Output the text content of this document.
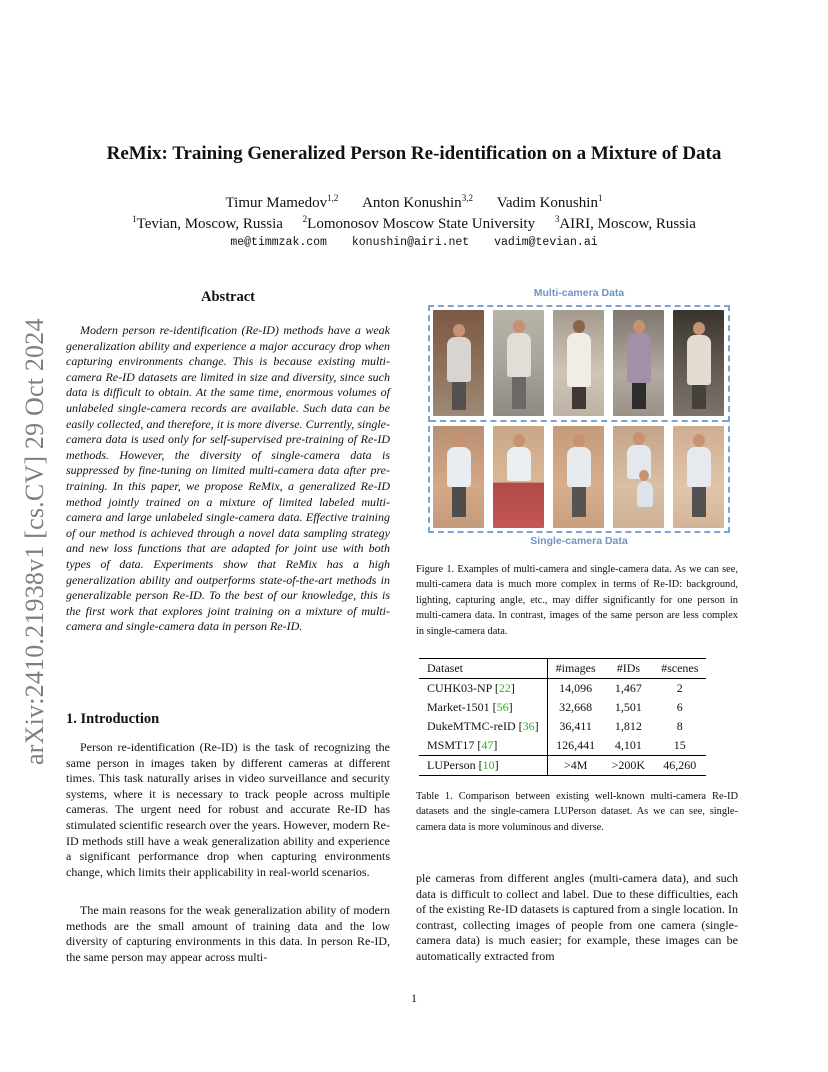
arXiv:2410.21938v1 [cs.CV] 29 Oct 2024
ReMix: Training Generalized Person Re-identification on a Mixture of Data
Timur Mamedov$^{1,2}$ Anton Konushin$^{3,2}$ Vadim Konushin$^1$
$^1$Tevian, Moscow, Russia $^2$Lomonosov Moscow State University $^3$AIRI, Moscow, Russia
me@timmzak.com konushin@airi.net vadim@tevian.ai
Abstract

Modern person re-identification (Re-ID) methods have a weak generalization ability and experience a major accuracy drop when capturing environments change. This is because existing multi-camera Re-ID datasets are limited in size and diversity, since such data is difficult to obtain. At the same time, enormous volumes of unlabeled single-camera records are available. Such data can be easily collected, and therefore, it is more diverse. Currently, single-camera data is used only for self-supervised pre-training of Re-ID methods. However, the diversity of single-camera data is suppressed by fine-tuning on limited multi-camera data after pre-training. In this paper, we propose ReMix, a generalized Re-ID method jointly trained on a mixture of limited labeled multi-camera and large unlabeled single-camera data. Effective training of our method is achieved through a novel data sampling strategy and new loss functions that are adapted for joint use with both types of data. Experiments show that ReMix has a high generalization ability and outperforms state-of-the-art methods in generalizable person Re-ID. To the best of our knowledge, this is the first work that explores joint training on a mixture of multi-camera and single-camera data in person Re-ID.

1. Introduction

Person re-identification (Re-ID) is the task of recognizing the same person in images taken by different cameras at different times. This task naturally arises in video surveillance and security systems, where it is necessary to track people across multiple cameras. The urgent need for robust and accurate Re-ID has stimulated scientific research over the years. However, modern Re-ID methods still have a weak generalization ability and experience a significant performance drop when capturing environments change, which limits their applicability in real-world scenarios.

The main reasons for the weak generalization ability of modern methods are the small amount of training data and the low diversity of capturing environments in this data. In person Re-ID, the same person may appear across multi-

Multi-camera Data
Single-camera Data

Figure 1. Examples of multi-camera and single-camera data. As we can see, multi-camera data is much more complex in terms of Re-ID: background, lighting, capturing angle, etc., may differ significantly for one person in multi-camera data. In contrast, images of the same person are less complex in single-camera data.

Dataset	#images	#IDs	#scenes
CUHK03-NP [22]	14,096	1,467	2
Market-1501 [56]	32,668	1,501	6
DukeMTMC-reID [36]	36,411	1,812	8
MSMT17 [47]	126,441	4,101	15
LUPerson [10]	>4M	>200K	46,260

Table 1. Comparison between existing well-known multi-camera Re-ID datasets and the single-camera LUPerson dataset. As we can see, single-camera data is more voluminous and diverse.

ple cameras from different angles (multi-camera data), and such data is difficult to collect and label. Due to these difficulties, each of the existing Re-ID datasets is captured from a single location. In contrast, collecting images of people from one camera (single-camera data) is much easier; for example, these images can be automatically extracted from

1
